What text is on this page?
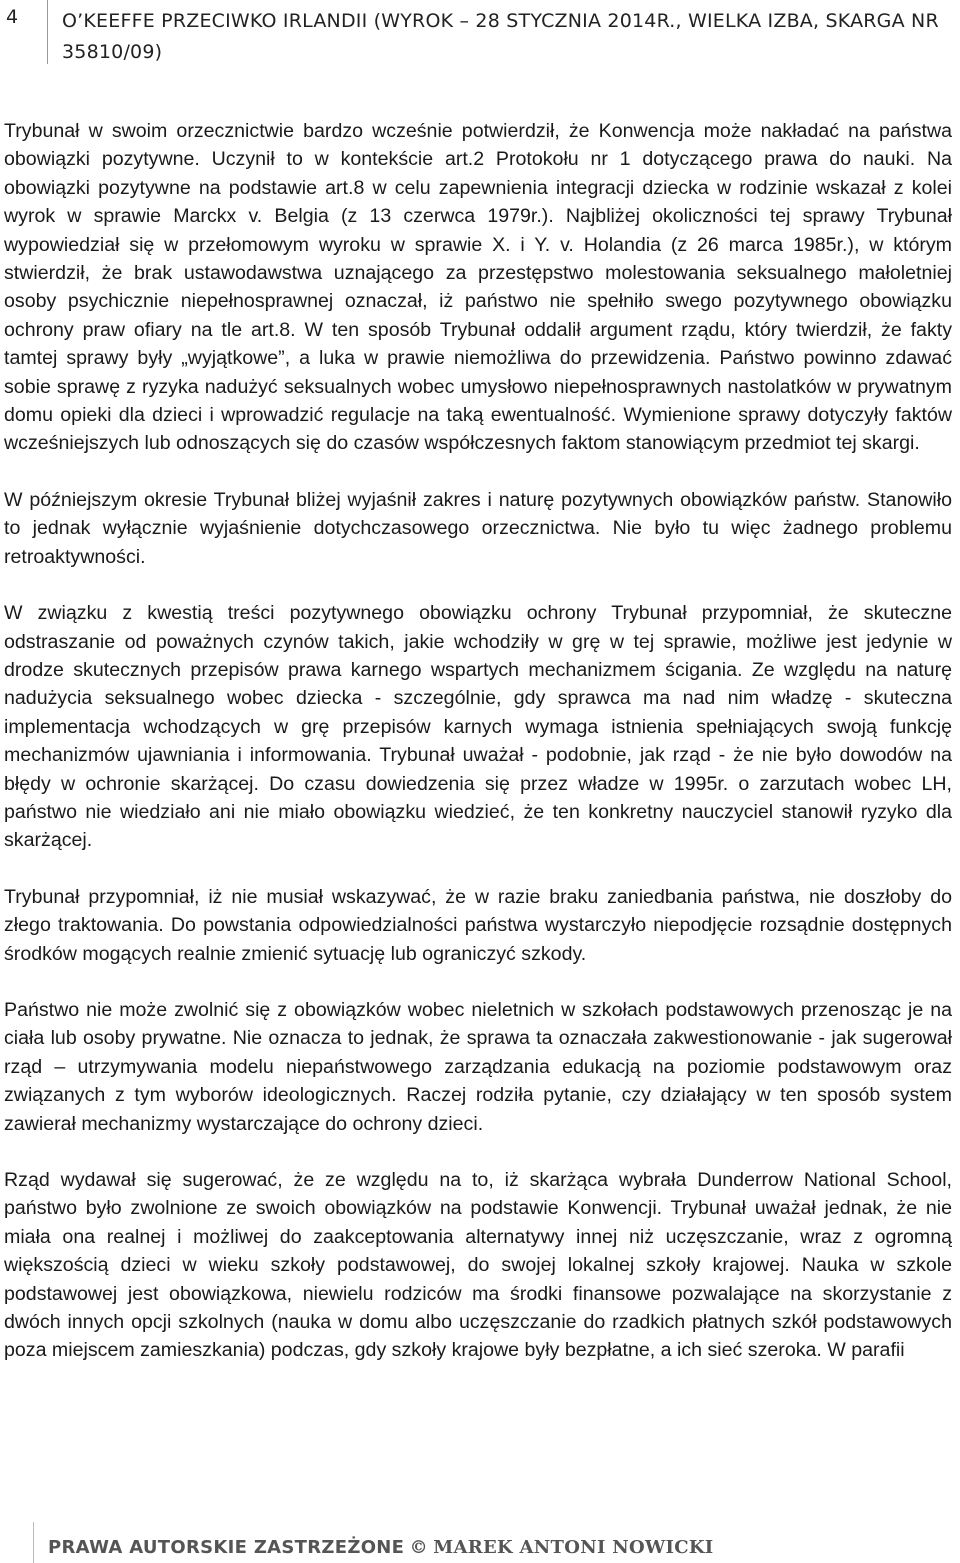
4 O’KEEFFE PRZECIWKO IRLANDII (WYROK – 28 STYCZNIA 2014R., WIELKA IZBA, SKARGA NR 35810/09)

Trybunał w swoim orzecznictwie bardzo wcześnie potwierdził, że Konwencja może nakładać na państwa obowiązki pozytywne. Uczynił to w kontekście art.2 Protokołu nr 1 dotyczącego prawa do nauki. Na obowiązki pozytywne na podstawie art.8 w celu zapewnienia integracji dziecka w rodzinie wskazał z kolei wyrok w sprawie Marckx v. Belgia (z 13 czerwca 1979r.). Najbliżej okoliczności tej sprawy Trybunał wypowiedział się w przełomowym wyroku w sprawie X. i Y. v. Holandia (z 26 marca 1985r.), w którym stwierdził, że brak ustawodawstwa uznającego za przestępstwo molestowania seksualnego małoletniej osoby psychicznie niepełnosprawnej oznaczał, iż państwo nie spełniło swego pozytywnego obowiązku ochrony praw ofiary na tle art.8. W ten sposób Trybunał oddalił argument rządu, który twierdził, że fakty tamtej sprawy były „wyjątkowe”, a luka w prawie niemożliwa do przewidzenia. Państwo powinno zdawać sobie sprawę z ryzyka nadużyć seksualnych wobec umysłowo niepełnosprawnych nastolatków w prywatnym domu opieki dla dzieci i wprowadzić regulacje na taką ewentualność. Wymienione sprawy dotyczyły faktów wcześniejszych lub odnoszących się do czasów współczesnych faktom stanowiącym przedmiot tej skargi.

W późniejszym okresie Trybunał bliżej wyjaśnił zakres i naturę pozytywnych obowiązków państw. Stanowiło to jednak wyłącznie wyjaśnienie dotychczasowego orzecznictwa. Nie było tu więc żadnego problemu retroaktywności.

W związku z kwestią treści pozytywnego obowiązku ochrony Trybunał przypomniał, że skuteczne odstraszanie od poważnych czynów takich, jakie wchodziły w grę w tej sprawie, możliwe jest jedynie w drodze skutecznych przepisów prawa karnego wspartych mechanizmem ścigania. Ze względu na naturę nadużycia seksualnego wobec dziecka - szczególnie, gdy sprawca ma nad nim władzę - skuteczna implementacja wchodzących w grę przepisów karnych wymaga istnienia spełniających swoją funkcję mechanizmów ujawniania i informowania. Trybunał uważał - podobnie, jak rząd - że nie było dowodów na błędy w ochronie skarżącej. Do czasu dowiedzenia się przez władze w 1995r. o zarzutach wobec LH, państwo nie wiedziało ani nie miało obowiązku wiedzieć, że ten konkretny nauczyciel stanowił ryzyko dla skarżącej.

Trybunał przypomniał, iż nie musiał wskazywać, że w razie braku zaniedbania państwa, nie doszłoby do złego traktowania. Do powstania odpowiedzialności państwa wystarczyło niepodjęcie rozsądnie dostępnych środków mogących realnie zmienić sytuację lub ograniczyć szkody.

Państwo nie może zwolnić się z obowiązków wobec nieletnich w szkołach podstawowych przenosząc je na ciała lub osoby prywatne. Nie oznacza to jednak, że sprawa ta oznaczała zakwestionowanie - jak sugerował rząd – utrzymywania modelu niepaństwowego zarządzania edukacją na poziomie podstawowym oraz związanych z tym wyborów ideologicznych. Raczej rodziła pytanie, czy działający w ten sposób system zawierał mechanizmy wystarczające do ochrony dzieci.

Rząd wydawał się sugerować, że ze względu na to, iż skarżąca wybrała Dunderrow National School, państwo było zwolnione ze swoich obowiązków na podstawie Konwencji. Trybunał uważał jednak, że nie miała ona realnej i możliwej do zaakceptowania alternatywy innej niż uczęszczanie, wraz z ogromną większością dzieci w wieku szkoły podstawowej, do swojej lokalnej szkoły krajowej. Nauka w szkole podstawowej jest obowiązkowa, niewielu rodziców ma środki finansowe pozwalające na skorzystanie z dwóch innych opcji szkolnych (nauka w domu albo uczęszczanie do rzadkich płatnych szkół podstawowych poza miejscem zamieszkania) podczas, gdy szkoły krajowe były bezpłatne, a ich sieć szeroka. W parafii

PRAWA AUTORSKIE ZASTRZEŻONE © MAREK ANTONI NOWICKI
